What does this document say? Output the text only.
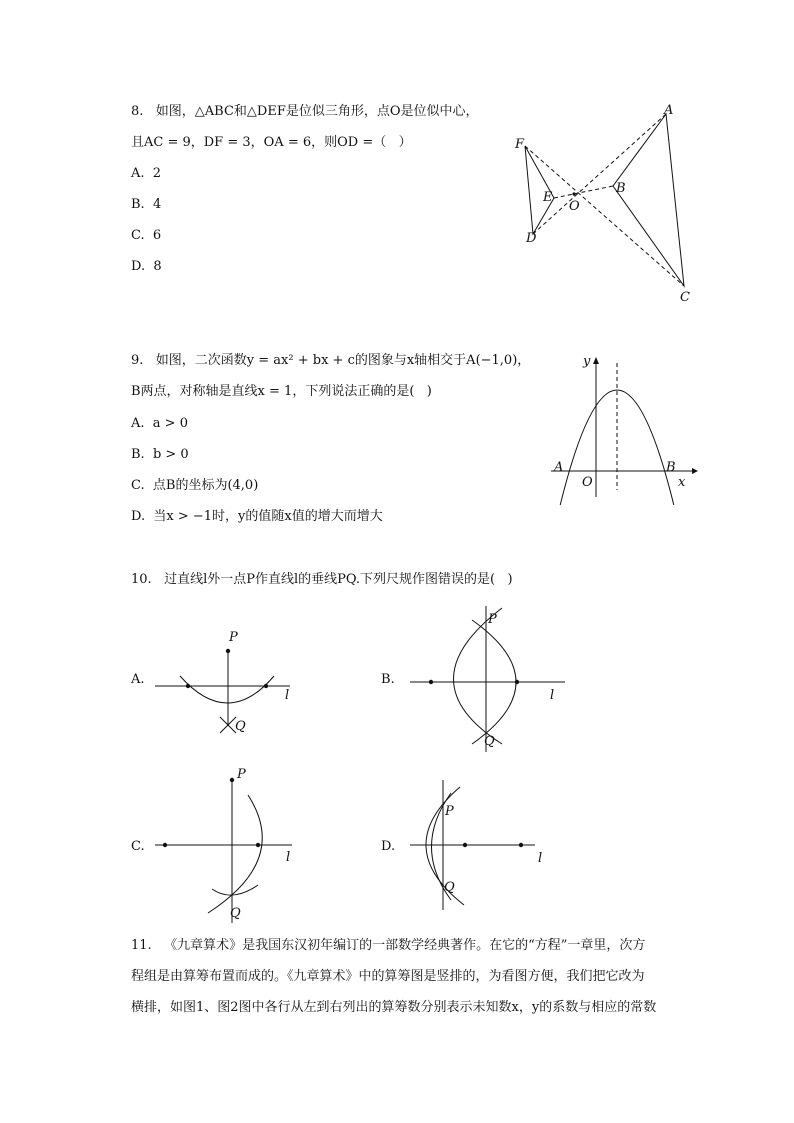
8.   如图，△ABC和△DEF是位似三角形，点O是位似中心，
且AC = 9，DF = 3，OA = 6，则OD =（   ）
A. 2
B. 4
C. 6
D. 8
A
B
C
D
E
F
O
9.   如图，二次函数y = ax² + bx + c的图象与x轴相交于A(−1,0)，
B两点，对称轴是直线x = 1，下列说法正确的是(   )
A. a > 0
B. b > 0
C. 点B的坐标为(4,0)
D. 当x > −1时，y的值随x值的增大而增大
y
x
A	B
O
10.   过直线l外一点P作直线l的垂线PQ.下列尺规作图错误的是(   )
A.
P
Q
l
B.
P
Q
l
C.
P
Q
l
D.
P
Q
l
11.   《九章算术》是我国东汉初年编订的一部数学经典著作。在它的“方程”一章里，次方
程组是由算筹布置而成的。《九章算术》中的算筹图是竖排的，为看图方便，我们把它改为
横排，如图1、图2图中各行从左到右列出的算筹数分别表示未知数x，y的系数与相应的常数
